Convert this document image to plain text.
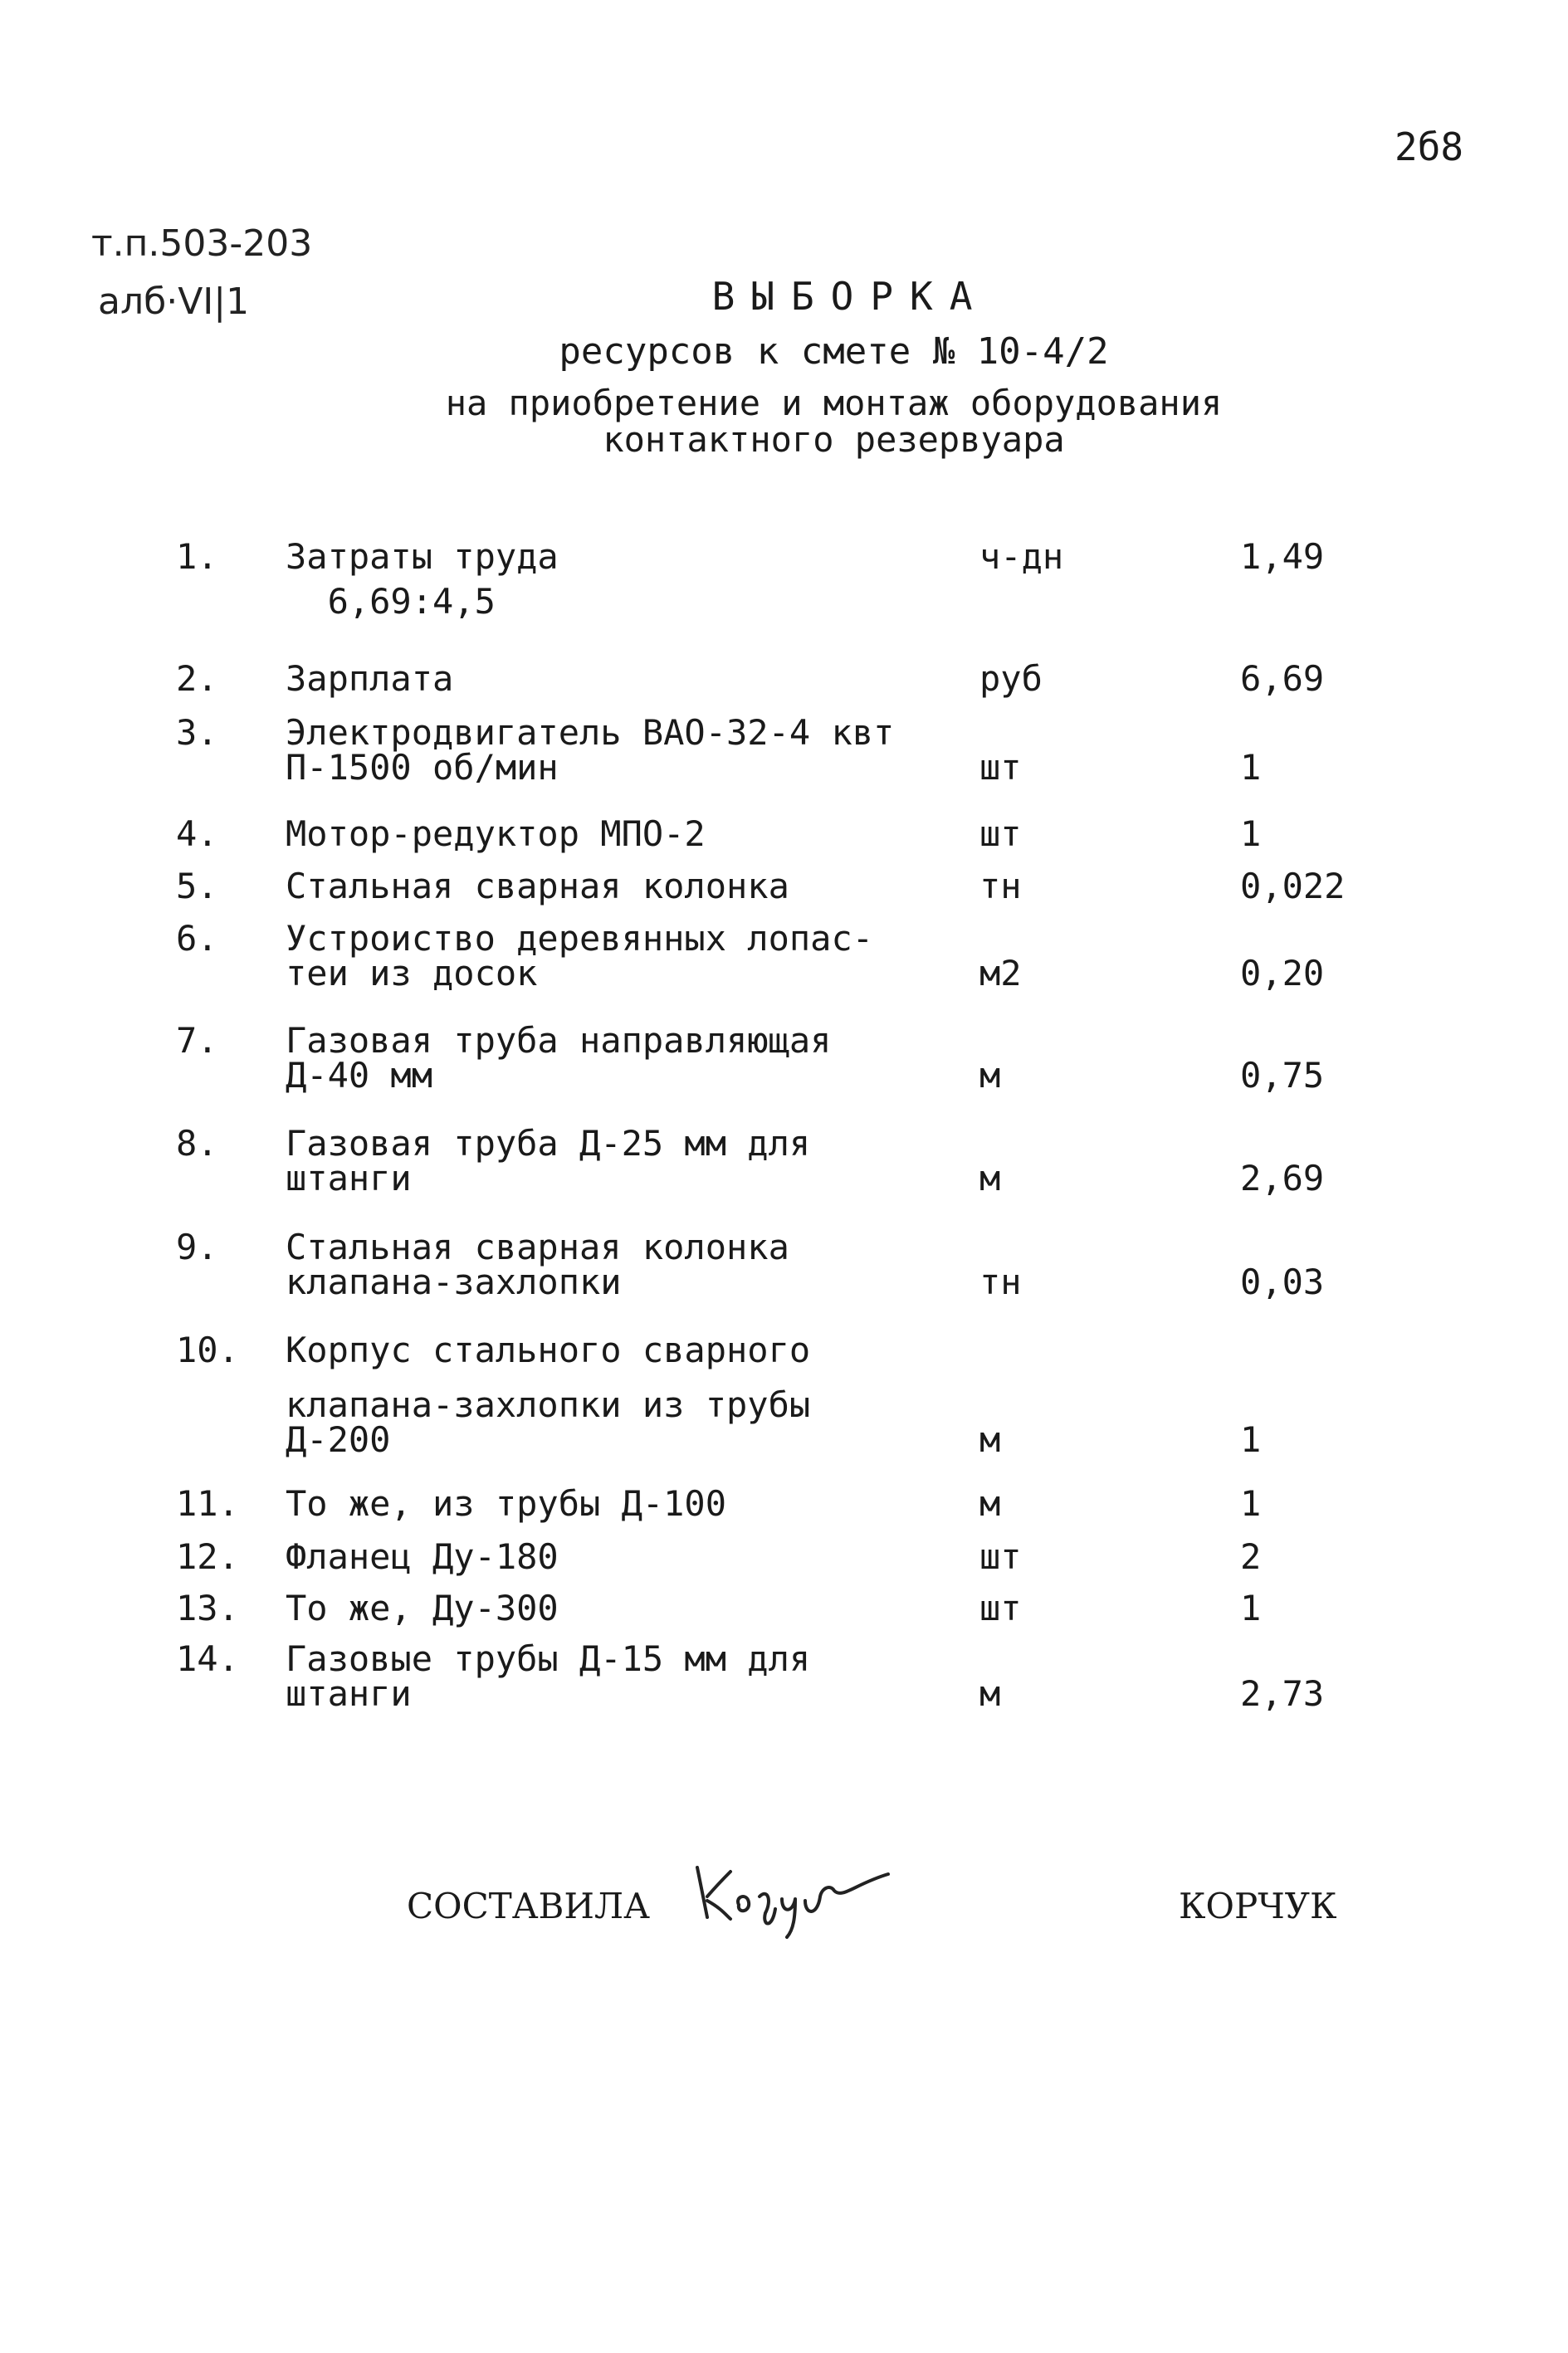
2б8
т.п.503-203
алб·VI|1	ВЫБОРКА
ресурсов к смете № 10-4/2
на приобретение и монтаж оборудования
контактного резервуара
1. Затраты труда
6,69:4,5
ч-дн	1,49
2. Зарплата	руб	6,69
3. Электродвигатель ВАО-32-4 квт
П-1500 об/мин	шт	1
4. Мотор-редуктор МПО-2	шт	1
5. Стальная сварная колонка	тн	0,022
6. Устроиство деревянных лопас-
теи из досок	м2	0,20
7. Газовая труба направляющая
Д-40 мм	м	0,75
8. Газовая труба Д-25 мм для
штанги	м	2,69
9. Стальная сварная колонка
клапана-захлопки	тн	0,03
10. Корпус стального сварного
клапана-захлопки из трубы
Д-200	м	1
11. То же, из трубы Д-100	м	1
12. Фланец Ду-180	шт	2
13. То же, Ду-300	шт	1
14. Газовые трубы Д-15 мм для
штанги	м	2,73
СОСТАВИЛА	КОРЧУК
